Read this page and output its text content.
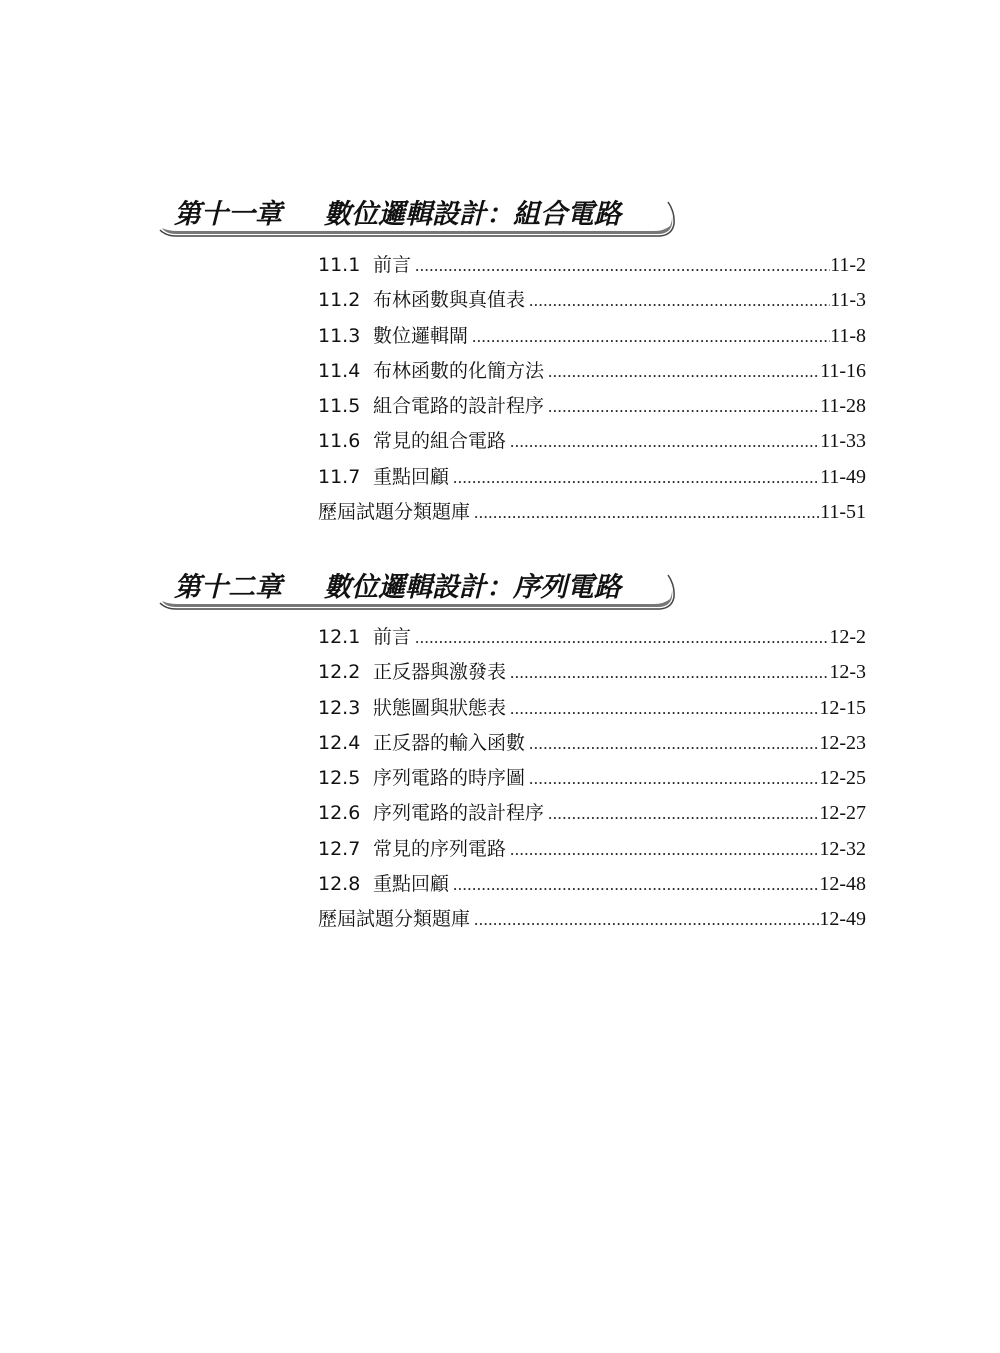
第十一章 數位邏輯設計：組合電路
11.1 前言 .....	11-2
11.2 布林函數與真值表 .....	11-3
11.3 數位邏輯閘 .....	11-8
11.4 布林函數的化簡方法 .....	11-16
11.5 組合電路的設計程序 .....	11-28
11.6 常見的組合電路 .....	11-33
11.7 重點回顧 .....	11-49
歷屆試題分類題庫 .....	11-51
第十二章 數位邏輯設計：序列電路
12.1 前言 .....	12-2
12.2 正反器與激發表 .....	12-3
12.3 狀態圖與狀態表 .....	12-15
12.4 正反器的輸入函數 .....	12-23
12.5 序列電路的時序圖 .....	12-25
12.6 序列電路的設計程序 .....	12-27
12.7 常見的序列電路 .....	12-32
12.8 重點回顧 .....	12-48
歷屆試題分類題庫 .....	12-49
